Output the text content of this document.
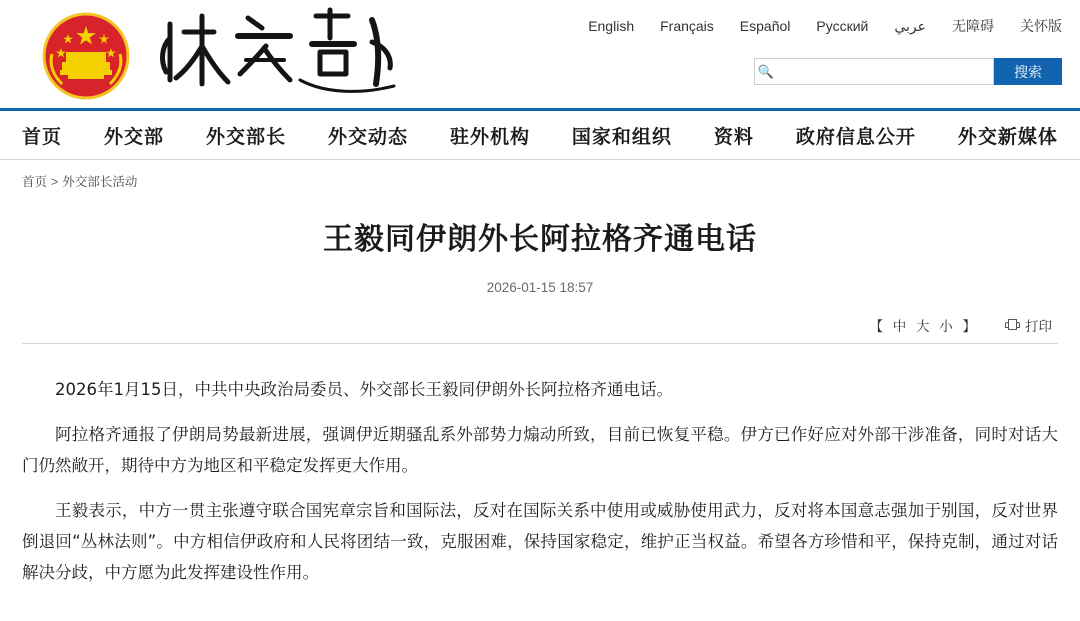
English Français Español Русский عربي 无障碍 关怀版
🔍	搜索
首页 外交部 外交部长 外交动态 驻外机构 国家和组织 资料 政府信息公开 外交新媒体
首页 > 外交部长活动
王毅同伊朗外长阿拉格齐通电话
2026-01-15 18:57
【 中 大 小 】	打印

2026年1月15日，中共中央政治局委员、外交部长王毅同伊朗外长阿拉格齐通电话。

阿拉格齐通报了伊朗局势最新进展，强调伊近期骚乱系外部势力煽动所致，目前已恢复平稳。伊方已作好应对外部干涉准备，同时对话大门仍然敞开，期待中方为地区和平稳定发挥更大作用。

王毅表示，中方一贯主张遵守联合国宪章宗旨和国际法，反对在国际关系中使用或威胁使用武力，反对将本国意志强加于别国，反对世界倒退回“丛林法则”。中方相信伊政府和人民将团结一致，克服困难，保持国家稳定，维护正当权益。希望各方珍惜和平，保持克制，通过对话解决分歧，中方愿为此发挥建设性作用。
